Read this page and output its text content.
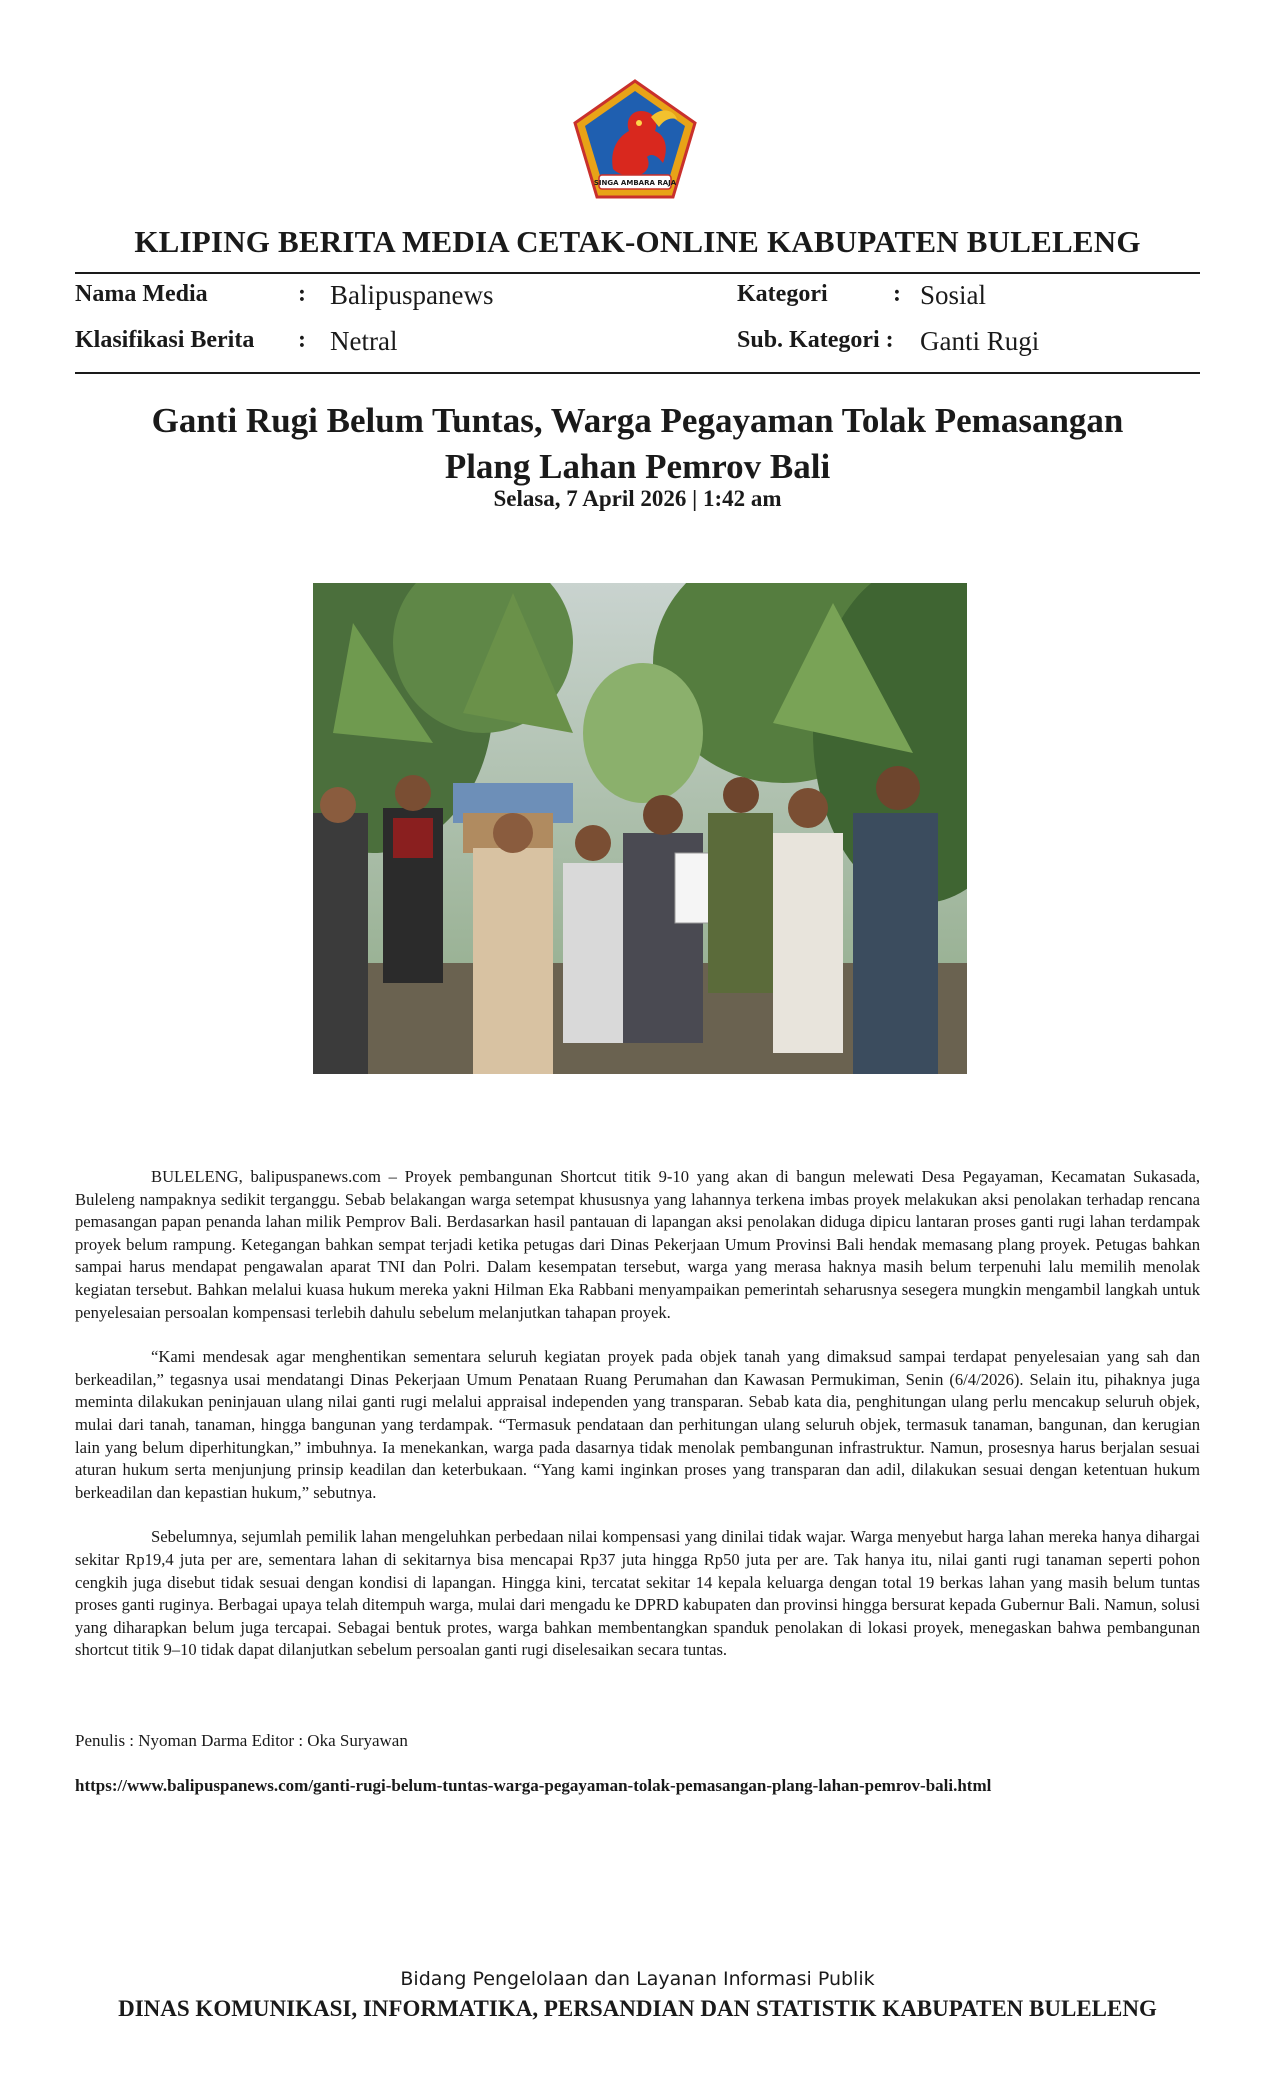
SINGA AMBARA RAJA
KLIPING BERITA MEDIA CETAK-ONLINE KABUPATEN BULELENG
Nama Media	: Balipuspanews
Klasifikasi Berita : Netral
Kategori	: Sosial
Sub. Kategori : Ganti Rugi
Ganti Rugi Belum Tuntas, Warga Pegayaman Tolak Pemasangan
Plang Lahan Pemrov Bali
Selasa, 7 April 2026 | 1:42 am

BULELENG, balipuspanews.com – Proyek pembangunan Shortcut titik 9-10 yang akan di bangun melewati Desa Pegayaman, Kecamatan Sukasada, Buleleng nampaknya sedikit terganggu. Sebab belakangan warga setempat khususnya yang lahannya terkena imbas proyek melakukan aksi penolakan terhadap rencana pemasangan papan penanda lahan milik Pemprov Bali. Berdasarkan hasil pantauan di lapangan aksi penolakan diduga dipicu lantaran proses ganti rugi lahan terdampak proyek belum rampung. Ketegangan bahkan sempat terjadi ketika petugas dari Dinas Pekerjaan Umum Provinsi Bali hendak memasang plang proyek. Petugas bahkan sampai harus mendapat pengawalan aparat TNI dan Polri. Dalam kesempatan tersebut, warga yang merasa haknya masih belum terpenuhi lalu memilih menolak kegiatan tersebut. Bahkan melalui kuasa hukum mereka yakni Hilman Eka Rabbani menyampaikan pemerintah seharusnya sesegera mungkin mengambil langkah untuk penyelesaian persoalan kompensasi terlebih dahulu sebelum melanjutkan tahapan proyek.

“Kami mendesak agar menghentikan sementara seluruh kegiatan proyek pada objek tanah yang dimaksud sampai terdapat penyelesaian yang sah dan berkeadilan,” tegasnya usai mendatangi Dinas Pekerjaan Umum Penataan Ruang Perumahan dan Kawasan Permukiman, Senin (6/4/2026). Selain itu, pihaknya juga meminta dilakukan peninjauan ulang nilai ganti rugi melalui appraisal independen yang transparan. Sebab kata dia, penghitungan ulang perlu mencakup seluruh objek, mulai dari tanah, tanaman, hingga bangunan yang terdampak. “Termasuk pendataan dan perhitungan ulang seluruh objek, termasuk tanaman, bangunan, dan kerugian lain yang belum diperhitungkan,” imbuhnya. Ia menekankan, warga pada dasarnya tidak menolak pembangunan infrastruktur. Namun, prosesnya harus berjalan sesuai aturan hukum serta menjunjung prinsip keadilan dan keterbukaan. “Yang kami inginkan proses yang transparan dan adil, dilakukan sesuai dengan ketentuan hukum berkeadilan dan kepastian hukum,” sebutnya.

Sebelumnya, sejumlah pemilik lahan mengeluhkan perbedaan nilai kompensasi yang dinilai tidak wajar. Warga menyebut harga lahan mereka hanya dihargai sekitar Rp19,4 juta per are, sementara lahan di sekitarnya bisa mencapai Rp37 juta hingga Rp50 juta per are. Tak hanya itu, nilai ganti rugi tanaman seperti pohon cengkih juga disebut tidak sesuai dengan kondisi di lapangan. Hingga kini, tercatat sekitar 14 kepala keluarga dengan total 19 berkas lahan yang masih belum tuntas proses ganti ruginya. Berbagai upaya telah ditempuh warga, mulai dari mengadu ke DPRD kabupaten dan provinsi hingga bersurat kepada Gubernur Bali. Namun, solusi yang diharapkan belum juga tercapai. Sebagai bentuk protes, warga bahkan membentangkan spanduk penolakan di lokasi proyek, menegaskan bahwa pembangunan shortcut titik 9–10 tidak dapat dilanjutkan sebelum persoalan ganti rugi diselesaikan secara tuntas.

Penulis : Nyoman Darma Editor : Oka Suryawan
https://www.balipuspanews.com/ganti-rugi-belum-tuntas-warga-pegayaman-tolak-pemasangan-plang-lahan-pemrov-bali.html
Bidang Pengelolaan dan Layanan Informasi Publik
DINAS KOMUNIKASI, INFORMATIKA, PERSANDIAN DAN STATISTIK KABUPATEN BULELENG
